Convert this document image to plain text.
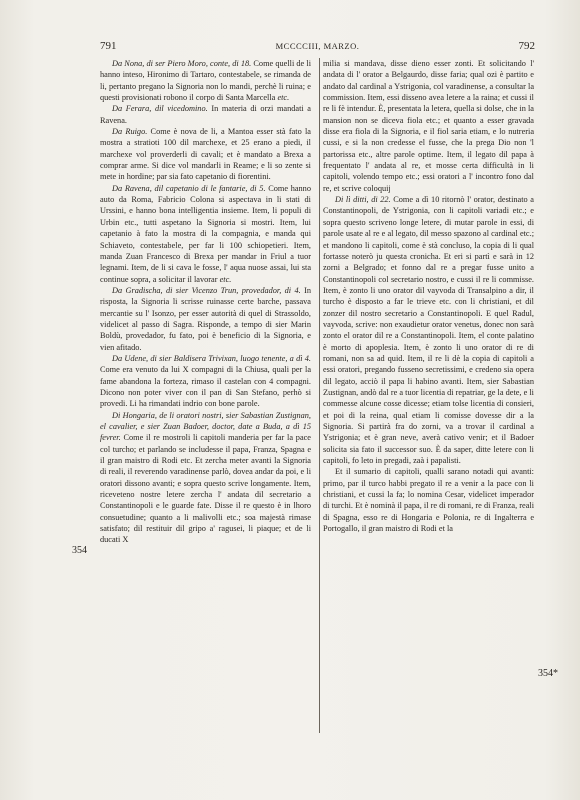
791	MCCCCIII, MARZO.	792
354
354*

Da Nona, di ser Piero Moro, conte, di 18. Come quelli de li hanno inteso, Hironimo di Tartaro, contestabele, se rimanda de li, pertanto pregano la Signoria non lo mandi, perchè li ruina; e questi provisionati robono il corpo di Santa Marcella etc.

Da Ferara, dil vicedomino. In materia di orzi mandati a Ravena.

Da Ruigo. Come è nova de li, a Mantoa esser stà fato la mostra a stratioti 100 dil marchexe, et 25 erano a piedi, il marchexe vol proverderli di cavali; et è mandato a Brexa a comprar arme. Si dice vol mandarli in Reame; e li so zente si mete in hordine; par sia fato capetanio di fiorentini.

Da Ravena, dil capetanio di le fantarie, di 5. Come hanno auto da Roma, Fabricio Colona si aspectava in li stati di Urssini, e hanno bona intelligentia insieme. Item, li populi di Urbin etc., tutti aspetano la Signoria si mostri. Item, lui capetanio à fato la mostra di la compagnia, e manda qui Schiaveto, contestabele, per far li 100 schiopetieri. Item, manda Zuan Francesco di Brexa per mandar in Friul a tuor legnami. Item, de li si cava le fosse, l' aqua nuose assai, lui sta continue sopra, a solicitar il lavorar etc.

Da Gradischa, di sier Vicenzo Trun, provedador, di 4. In risposta, la Signoria li scrisse ruinasse certe barche, passava mercantie su l' Isonzo, per esser autorità di quel di Strassoldo, videlicet al passo di Sagra. Risponde, a tempo di sier Marin Boldù, provedador, fu fato, poi è beneficio di la Signoria, e vien afitado.

Da Udene, di sier Baldisera Trivixan, luogo tenente, a dì 4. Come era venuto da lui X compagni di la Chiusa, quali per la fame abandona la forteza, rimaso il castelan con 4 compagni. Dicono non poter viver con il pan di San Stefano, perhò si provedi. Li ha rimandati indrio con bone parole.

Di Hongaria, de li oratori nostri, sier Sabastian Zustignan, el cavalier, e sier Zuan Badoer, doctor, date a Buda, a dì 15 fevrer. Come il re mostroli li capitoli manderia per far la pace col turcho; et parlando se includesse il papa, Franza, Spagna e il gran maistro di Rodi etc. Et zercha meter avanti la Signoria di reali, il reverendo varadinense parlò, dovea andar da poi, e li oratori dissono avanti; e sopra questo scrive longamente. Item, riceveteno nostre letere zercha l' andata dil secretario a Constantinopoli e le guarde fate. Disse il re questo è in lhoro consuetudine; quanto a li malivolli etc.; soa majestà rimase satisfato; dil restituir dil gripo a' ragusei, li piaque; et de li ducati X

milia si mandava, disse dieno esser zonti. Et solicitando l' andata di l' orator a Belgaurdo, disse faria; qual ozi è partito e andato dal cardinal a Ystrigonia, col varadinense, a consultar la commission. Item, essi disseno avea letere a la raina; et cussi il re li fè intendur. È, presentata la letera, quella si dolse, che in la mansion non se diceva fiola etc.; et quanto a esser gravada disse era fiola di la Signoria, e il fiol saria etiam, e lo nutreria cussi, e si la non credesse el fusse, che la prega Dio non 'l partorissa etc., altre parole optime. Item, il legato dil papa à frequentato l' andata al re, et mosse certa difficultà in li capitoli, volendo tempo etc.; essi oratori a l' incontro fono dal re, et scrive coloquij

Di lì ditti, di 22. Come a dì 10 ritornò l' orator, destinato a Constantinopoli, de Ystrigonia, con li capitoli variadi etc.; e sopra questo scriveno longe letere, di mutar parole in essi, di parole usate al re e al legato, dil messo spazono al cardinal etc.; et mandono li capitoli, come è stà concluso, la copia di li qual fortasse noterò ju questa cronicha. Et eri si partì e sarà in 12 zorni a Belgrado; et fonno dal re a pregar fusse unito a Constantinopoli col secretario nostro, e cussi il re li commisse. Item, è zonto li uno orator dil vayvoda di Transalpino a dir, il turcho è disposto a far le trieve etc. con li christiani, et dil zonzer dil nostro secretario a Constantinopoli. E quel Radul, vayvoda, scrive: non exaudietur orator venetus, donec non sarà zonto el orator dil re a Constantinopoli. Item, el conte palatino è morto di apoplesia. Item, è zonto li uno orator di re di romani, non sa ad quid. Item, il re li dè la copia di capitoli a essi oratori, pregando fusseno secretissimi, e credeno sia opera dil legato, acciò il papa li habino avanti. Item, sier Sabastian Zustignan, andò dal re a tuor licentia di repatriar, ge la dete, e li commesse alcune cosse dicesse; etiam tolse licentia di consieri, et poi di la reina, qual etiam li comisse dovesse dir a la Signoria. Si partirà fra do zorni, va a trovar il cardinal a Ystrigonia; et è gran neve, averà cativo venir; et il Badoer solicita sia fato il successor suo. È da saper, ditte letere con li capitoli, fo leto in pregadi, zaà i papalisti.

Et il sumario di capitoli, qualli sarano notadi qui avanti: primo, par il turco habbi pregato il re a venir a la pace con li christiani, et cussi la fa; lo nomina Cesar, videlicet imperador di turchi. Et è nominà il papa, il re di romani, re di Franza, reali di Spagna, esso re di Hongaria e Polonia, re di Ingalterra e Portogallo, il gran maistro di Rodi et la
